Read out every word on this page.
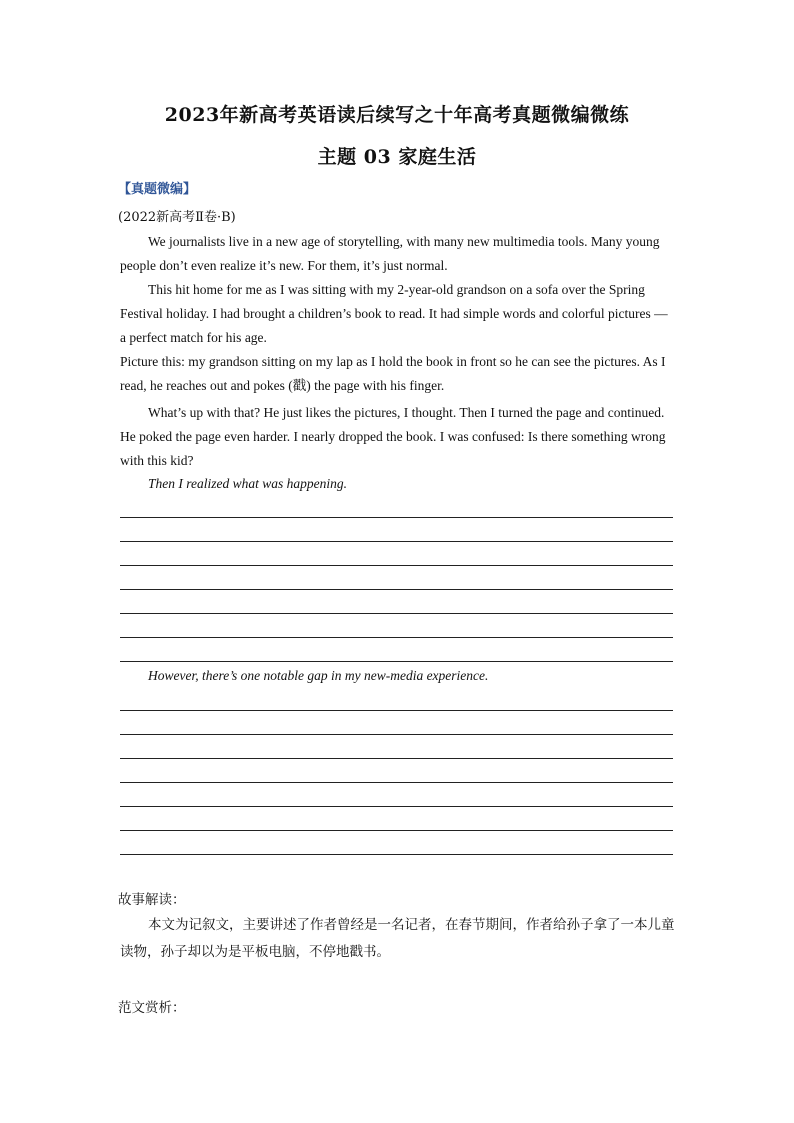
2023年新高考英语读后续写之十年高考真题微编微练
主题 03 家庭生活
【真题微编】
(2022新高考Ⅱ卷·B)
We journalists live in a new age of storytelling, with many new multimedia tools. Many young people don’t even realize it’s new. For them, it’s just normal.
This hit home for me as I was sitting with my 2-year-old grandson on a sofa over the Spring Festival holiday. I had brought a children’s book to read. It had simple words and colorful pictures — a perfect match for his age.
Picture this: my grandson sitting on my lap as I hold the book in front so he can see the pictures. As I read, he reaches out and pokes (戳) the page with his finger.
What’s up with that? He just likes the pictures, I thought. Then I turned the page and continued. He poked the page even harder. I nearly dropped the book. I was confused: Is there something wrong with this kid?
Then I realized what was happening.
However, there’s one notable gap in my new-media experience.
故事解读：
本文为记叙文，主要讲述了作者曾经是一名记者，在春节期间，作者给孙子拿了一本儿童读物，孙子却以为是平板电脑，不停地戳书。
范文赏析：
